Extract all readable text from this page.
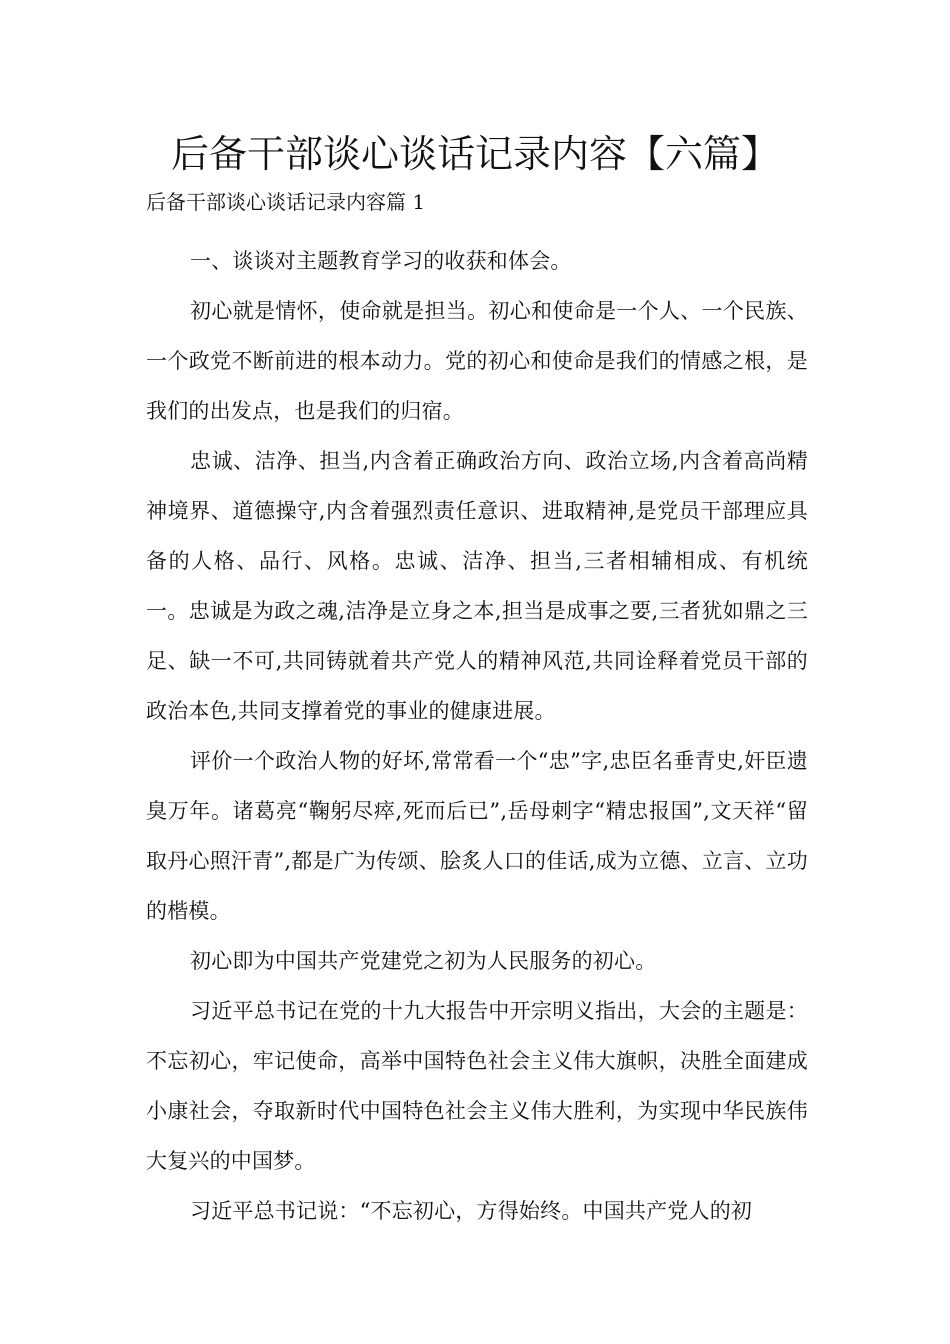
后备干部谈心谈话记录内容【六篇】
后备干部谈心谈话记录内容篇 1

一、谈谈对主题教育学习的收获和体会。

初心就是情怀，使命就是担当。初心和使命是一个人、一个民族、一个政党不断前进的根本动力。党的初心和使命是我们的情感之根，是我们的出发点，也是我们的归宿。

忠诚、洁净、担当,内含着正确政治方向、政治立场,内含着高尚精神境界、道德操守,内含着强烈责任意识、进取精神,是党员干部理应具备的人格、品行、风格。忠诚、洁净、担当,三者相辅相成、有机统一。忠诚是为政之魂,洁净是立身之本,担当是成事之要,三者犹如鼎之三足、缺一不可,共同铸就着共产党人的精神风范,共同诠释着党员干部的政治本色,共同支撑着党的事业的健康进展。

评价一个政治人物的好坏,常常看一个“忠”字,忠臣名垂青史,奸臣遗臭万年。诸葛亮“鞠躬尽瘁,死而后已”,岳母刺字“精忠报国”,文天祥“留取丹心照汗青”,都是广为传颂、脍炙人口的佳话,成为立德、立言、立功的楷模。

初心即为中国共产党建党之初为人民服务的初心。

习近平总书记在党的十九大报告中开宗明义指出，大会的主题是：不忘初心，牢记使命，高举中国特色社会主义伟大旗帜，决胜全面建成小康社会，夺取新时代中国特色社会主义伟大胜利，为实现中华民族伟大复兴的中国梦。

习近平总书记说：“不忘初心，方得始终。中国共产党人的初
